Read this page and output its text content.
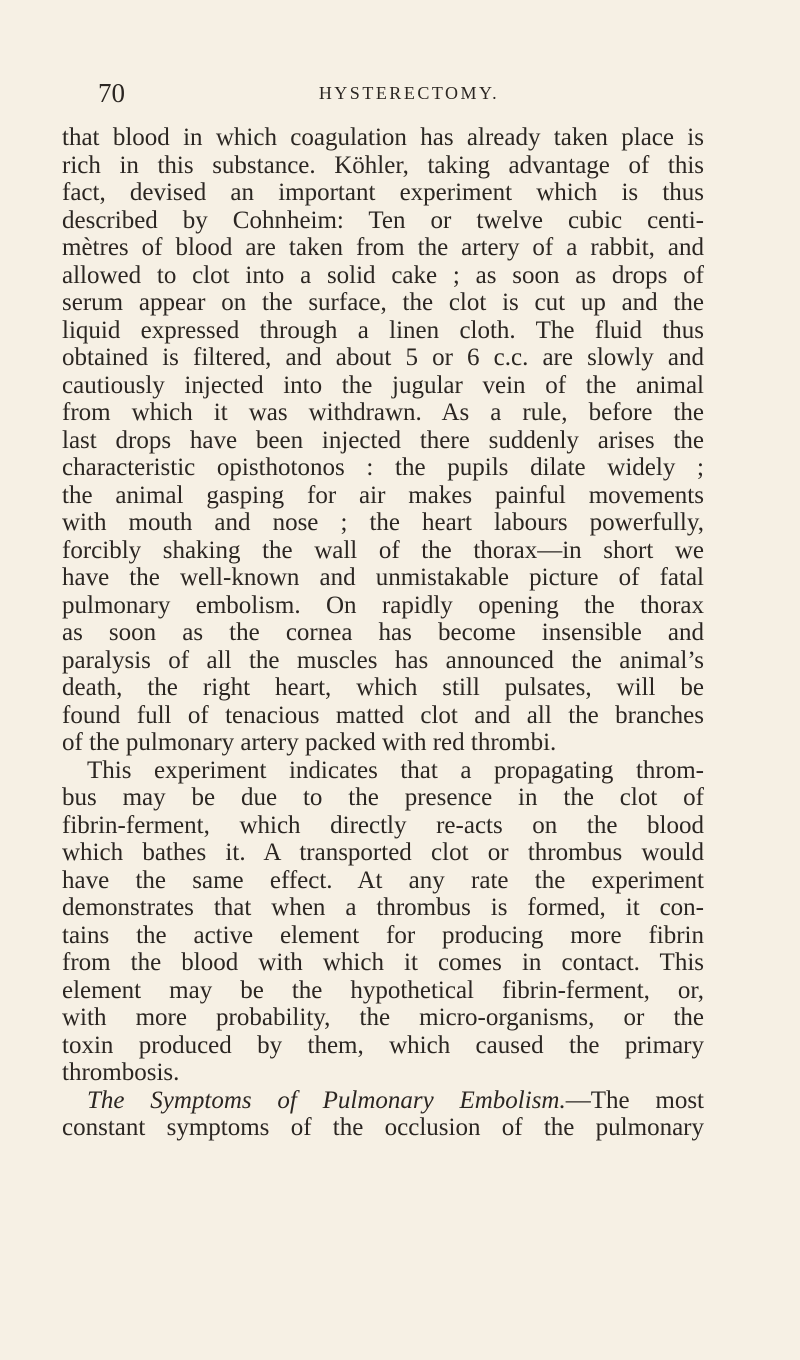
70	HYSTERECTOMY.
that blood in which coagulation has already taken place is
rich in this substance. Köhler, taking advantage of this
fact, devised an important experiment which is thus
described by Cohnheim: Ten or twelve cubic centi-
mètres of blood are taken from the artery of a rabbit, and
allowed to clot into a solid cake ; as soon as drops of
serum appear on the surface, the clot is cut up and the
liquid expressed through a linen cloth. The fluid thus
obtained is filtered, and about 5 or 6 c.c. are slowly and
cautiously injected into the jugular vein of the animal
from which it was withdrawn. As a rule, before the
last drops have been injected there suddenly arises the
characteristic opisthotonos : the pupils dilate widely ;
the animal gasping for air makes painful movements
with mouth and nose ; the heart labours powerfully,
forcibly shaking the wall of the thorax—in short we
have the well-known and unmistakable picture of fatal
pulmonary embolism. On rapidly opening the thorax
as soon as the cornea has become insensible and
paralysis of all the muscles has announced the animal’s
death, the right heart, which still pulsates, will be
found full of tenacious matted clot and all the branches
of the pulmonary artery packed with red thrombi.
This experiment indicates that a propagating throm-
bus may be due to the presence in the clot of
fibrin-ferment, which directly re-acts on the blood
which bathes it. A transported clot or thrombus would
have the same effect. At any rate the experiment
demonstrates that when a thrombus is formed, it con-
tains the active element for producing more fibrin
from the blood with which it comes in contact. This
element may be the hypothetical fibrin-ferment, or,
with more probability, the micro-organisms, or the
toxin produced by them, which caused the primary
thrombosis.
The Symptoms of Pulmonary Embolism.—The most
constant symptoms of the occlusion of the pulmonary
